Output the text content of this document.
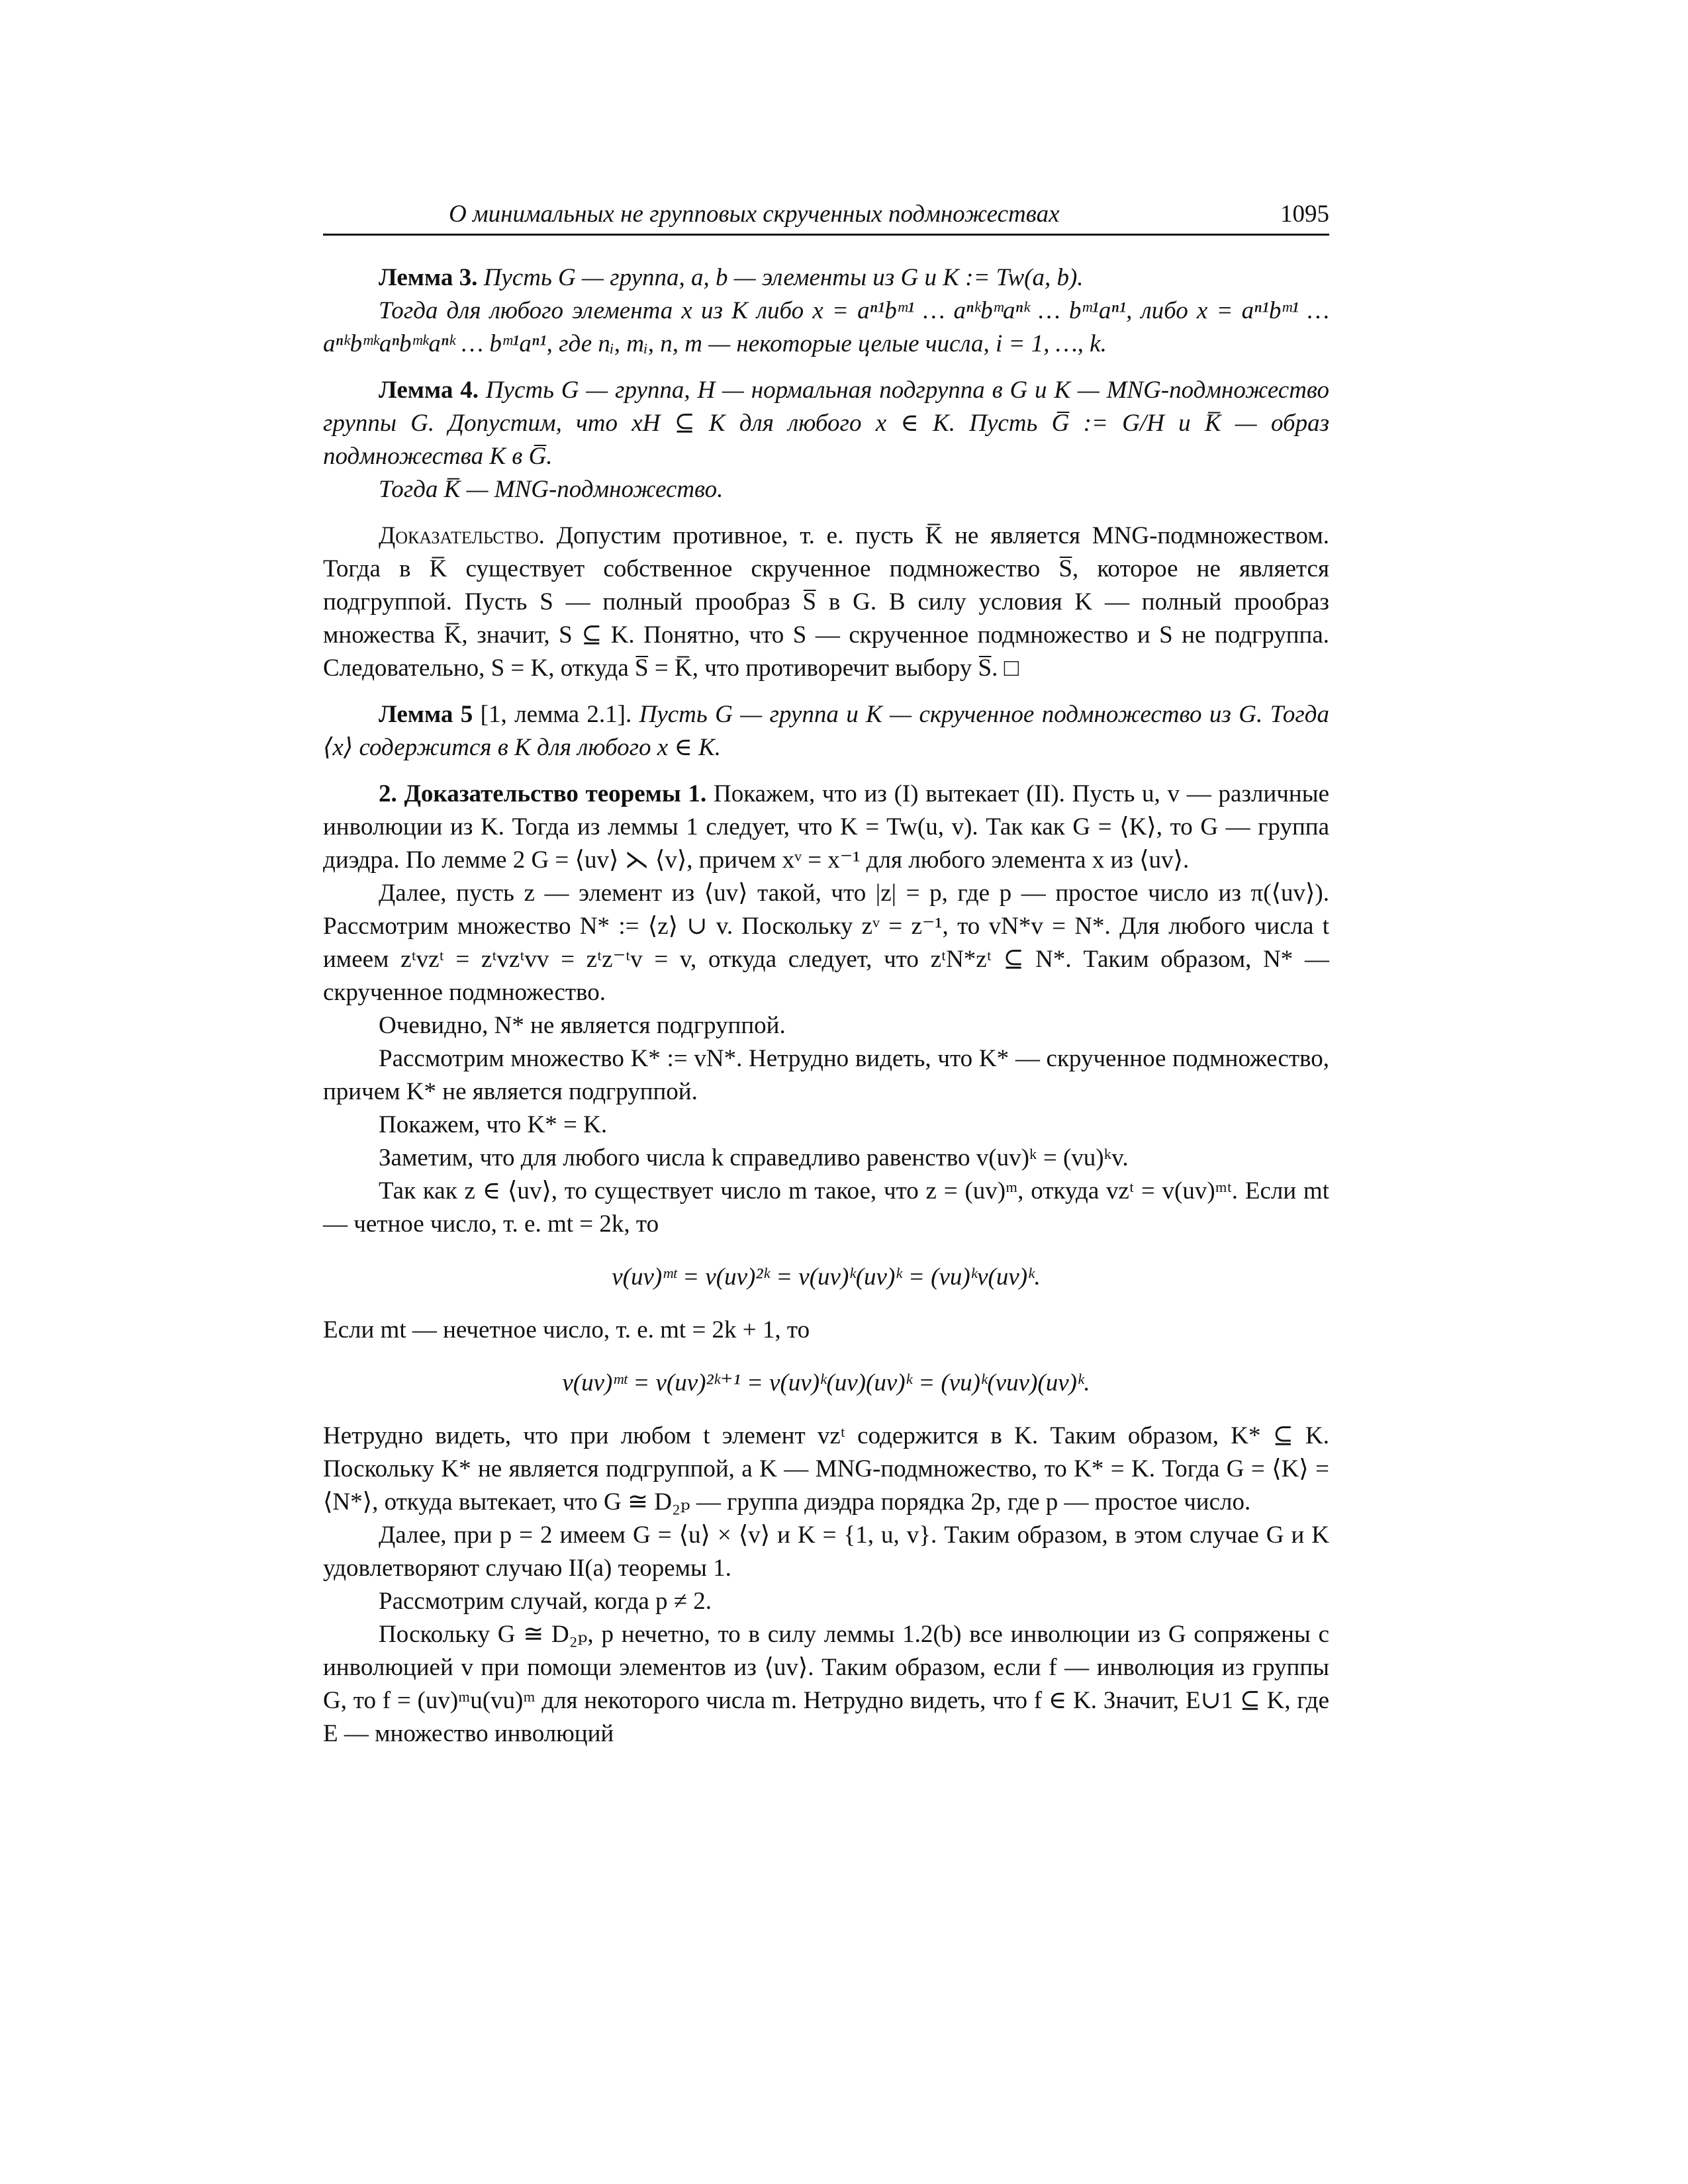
О минимальных не групповых скрученных подмножествах	1095

Лемма 3. Пусть G — группа, a, b — элементы из G и K := Tw(a, b).

Тогда для любого элемента x из K либо x = aⁿ¹bᵐ¹ … aⁿᵏbᵐaⁿᵏ … bᵐ¹aⁿ¹, либо x = aⁿ¹bᵐ¹ … aⁿᵏbᵐᵏaⁿbᵐᵏaⁿᵏ … bᵐ¹aⁿ¹, где nᵢ, mᵢ, n, m — некоторые целые числа, i = 1, …, k.

Лемма 4. Пусть G — группа, H — нормальная подгруппа в G и K — MNG-подмножество группы G. Допустим, что xH ⊆ K для любого x ∈ K. Пусть G̅ := G/H и K̅ — образ подмножества K в G̅.

Тогда K̅ — MNG-подмножество.

Доказательство. Допустим противное, т. е. пусть K̅ не является MNG-подмножеством. Тогда в K̅ существует собственное скрученное подмножество S̅, которое не является подгруппой. Пусть S — полный прообраз S̅ в G. В силу условия K — полный прообраз множества K̅, значит, S ⊆ K. Понятно, что S — скрученное подмножество и S не подгруппа. Следовательно, S = K, откуда S̅ = K̅, что противоречит выбору S̅. □

Лемма 5 [1, лемма 2.1]. Пусть G — группа и K — скрученное подмножество из G. Тогда ⟨x⟩ содержится в K для любого x ∈ K.

2. Доказательство теоремы 1. Покажем, что из (I) вытекает (II). Пусть u, v — различные инволюции из K. Тогда из леммы 1 следует, что K = Tw(u, v). Так как G = ⟨K⟩, то G — группа диэдра. По лемме 2 G = ⟨uv⟩ ⋋ ⟨v⟩, причем xᵛ = x⁻¹ для любого элемента x из ⟨uv⟩.

Далее, пусть z — элемент из ⟨uv⟩ такой, что |z| = p, где p — простое число из π(⟨uv⟩). Рассмотрим множество N* := ⟨z⟩ ∪ v. Поскольку zᵛ = z⁻¹, то vN*v = N*. Для любого числа t имеем zᵗvzᵗ = zᵗvzᵗvv = zᵗz⁻ᵗv = v, откуда следует, что zᵗN*zᵗ ⊆ N*. Таким образом, N* — скрученное подмножество.

Очевидно, N* не является подгруппой.

Рассмотрим множество K* := vN*. Нетрудно видеть, что K* — скрученное подмножество, причем K* не является подгруппой.

Покажем, что K* = K.

Заметим, что для любого числа k справедливо равенство v(uv)ᵏ = (vu)ᵏv.

Так как z ∈ ⟨uv⟩, то существует число m такое, что z = (uv)ᵐ, откуда vzᵗ = v(uv)ᵐᵗ. Если mt — четное число, т. е. mt = 2k, то

v(uv)ᵐᵗ = v(uv)²ᵏ = v(uv)ᵏ(uv)ᵏ = (vu)ᵏv(uv)ᵏ.

Если mt — нечетное число, т. е. mt = 2k + 1, то

v(uv)ᵐᵗ = v(uv)²ᵏ⁺¹ = v(uv)ᵏ(uv)(uv)ᵏ = (vu)ᵏ(vuv)(uv)ᵏ.

Нетрудно видеть, что при любом t элемент vzᵗ содержится в K. Таким образом, K* ⊆ K. Поскольку K* не является подгруппой, а K — MNG-подмножество, то K* = K. Тогда G = ⟨K⟩ = ⟨N*⟩, откуда вытекает, что G ≅ D₂ₚ — группа диэдра порядка 2p, где p — простое число.

Далее, при p = 2 имеем G = ⟨u⟩ × ⟨v⟩ и K = {1, u, v}. Таким образом, в этом случае G и K удовлетворяют случаю II(a) теоремы 1.

Рассмотрим случай, когда p ≠ 2.

Поскольку G ≅ D₂ₚ, p нечетно, то в силу леммы 1.2(b) все инволюции из G сопряжены с инволюцией v при помощи элементов из ⟨uv⟩. Таким образом, если f — инволюция из группы G, то f = (uv)ᵐu(vu)ᵐ для некоторого числа m. Нетрудно видеть, что f ∈ K. Значит, E∪1 ⊆ K, где E — множество инволюций
